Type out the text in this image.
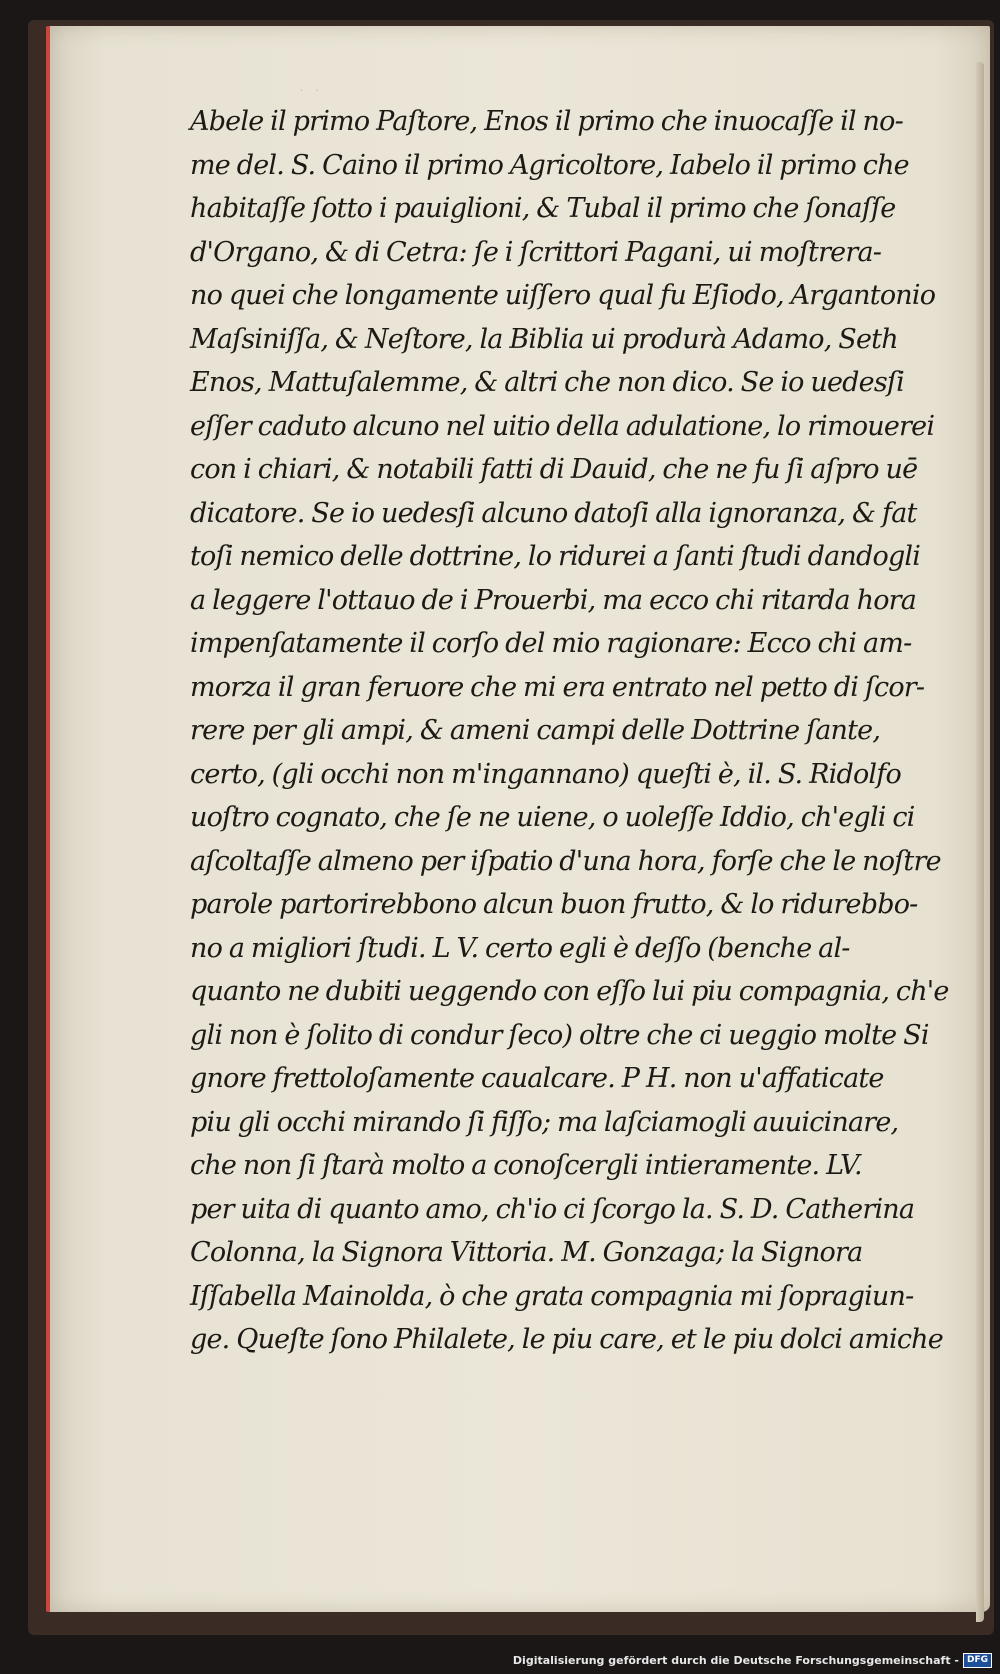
˙ ˙
Abele il primo Paſtore, Enos il primo che inuocaſſe il no-
me del. S. Caino il primo Agricoltore, Iabelo il primo che
habitaſſe ſotto i pauiglioni, & Tubal il primo che ſonaſſe
d'Organo, & di Cetra: ſe i ſcrittori Pagani, ui moſtrera-
no quei che longamente uiſſero qual fu Eſiodo, Argantonio
Maſsiniſſa, & Neſtore, la Biblia ui produrà Adamo, Seth
Enos, Mattuſalemme, & altri che non dico. Se io uedesſi
eſſer caduto alcuno nel uitio della adulatione, lo rimouerei
con i chiari, & notabili fatti di Dauid, che ne fu ſi aſpro uē
dicatore. Se io uedesſi alcuno datoſi alla ignoranza, & fat
toſi nemico delle dottrine, lo ridurei a ſanti ſtudi dandogli
a leggere l'ottauo de i Prouerbi, ma ecco chi ritarda hora
impenſatamente il corſo del mio ragionare: Ecco chi am-
morza il gran feruore che mi era entrato nel petto di ſcor-
rere per gli ampi, & ameni campi delle Dottrine ſante,
certo, (gli occhi non m'ingannano) queſti è, il. S. Ridolfo
uoſtro cognato, che ſe ne uiene, o uoleſſe Iddio, ch'egli ci
aſcoltaſſe almeno per iſpatio d'una hora, forſe che le noſtre
parole partorirebbono alcun buon frutto, & lo ridurebbo-
no a migliori ſtudi. L V. certo egli è deſſo (benche al-
quanto ne dubiti ueggendo con eſſo lui piu compagnia, ch'e
gli non è ſolito di condur ſeco) oltre che ci ueggio molte Si
gnore frettoloſamente caualcare. P H. non u'affaticate
piu gli occhi mirando ſi fiſſo; ma laſciamogli auuicinare,
che non ſi ſtarà molto a conoſcergli intieramente. LV.
per uita di quanto amo, ch'io ci ſcorgo la. S. D. Catherina
Colonna, la Signora Vittoria. M. Gonzaga; la Signora
Iſſabella Mainolda, ò che grata compagnia mi ſopragiun-
ge. Queſte ſono Philalete, le piu care, et le piu dolci amiche
Digitalisierung gefördert durch die Deutsche Forschungsgemeinschaft - DFG
